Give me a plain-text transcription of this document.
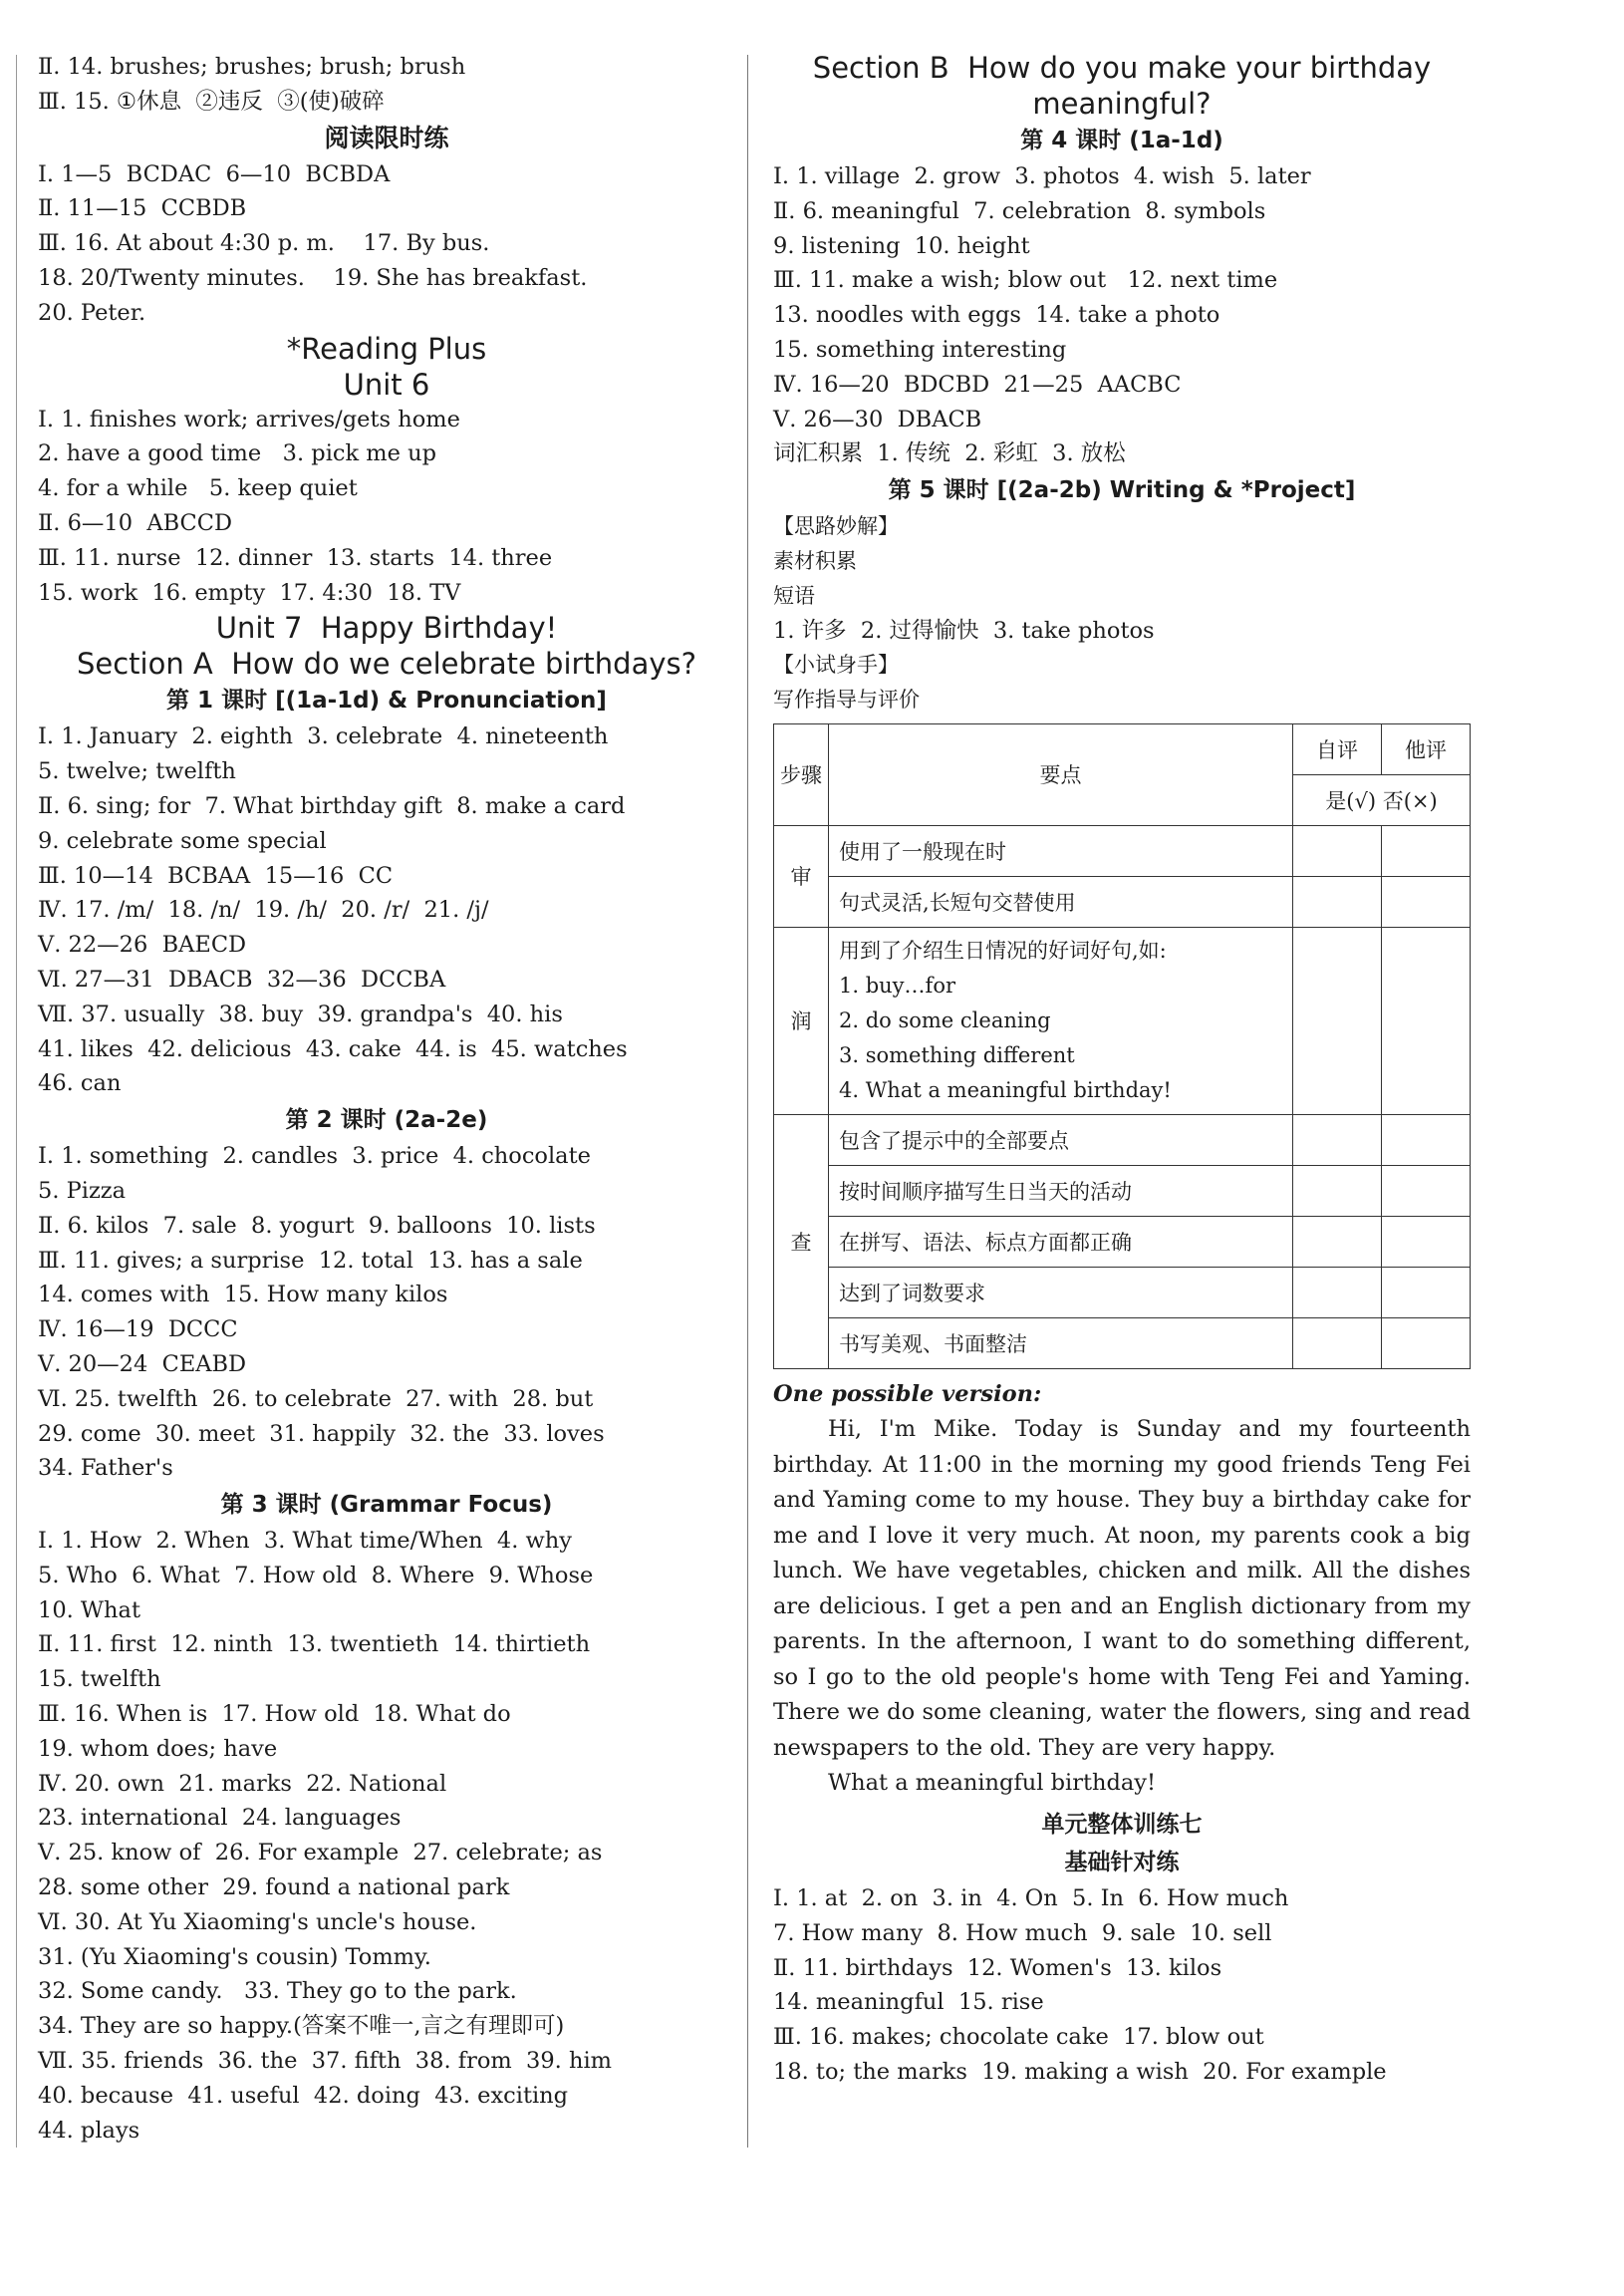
Ⅱ. 14. brushes; brushes; brush; brush
Ⅲ. 15. ①休息  ②违反  ③(使)破碎
阅读限时练
Ⅰ. 1—5  BCDAC  6—10  BCBDA
Ⅱ. 11—15  CCBDB
Ⅲ. 16. At about 4:30 p. m.    17. By bus.
18. 20/Twenty minutes.    19. She has breakfast.
20. Peter.
*Reading Plus
Unit 6
Ⅰ. 1. finishes work; arrives/gets home
2. have a good time   3. pick me up
4. for a while   5. keep quiet
Ⅱ. 6—10  ABCCD
Ⅲ. 11. nurse  12. dinner  13. starts  14. three
15. work  16. empty  17. 4:30  18. TV
Unit 7  Happy Birthday!
Section A  How do we celebrate birthdays?
第 1 课时 [(1a-1d) & Pronunciation]
Ⅰ. 1. January  2. eighth  3. celebrate  4. nineteenth
5. twelve; twelfth
Ⅱ. 6. sing; for  7. What birthday gift  8. make a card
9. celebrate some special
Ⅲ. 10—14  BCBAA  15—16  CC
Ⅳ. 17. /m/  18. /n/  19. /h/  20. /r/  21. /j/
Ⅴ. 22—26  BAECD
Ⅵ. 27—31  DBACB  32—36  DCCBA
Ⅶ. 37. usually  38. buy  39. grandpa's  40. his
41. likes  42. delicious  43. cake  44. is  45. watches
46. can
第 2 课时 (2a-2e)
Ⅰ. 1. something  2. candles  3. price  4. chocolate
5. Pizza
Ⅱ. 6. kilos  7. sale  8. yogurt  9. balloons  10. lists
Ⅲ. 11. gives; a surprise  12. total  13. has a sale
14. comes with  15. How many kilos
Ⅳ. 16—19  DCCC
Ⅴ. 20—24  CEABD
Ⅵ. 25. twelfth  26. to celebrate  27. with  28. but
29. come  30. meet  31. happily  32. the  33. loves
34. Father's
第 3 课时 (Grammar Focus)
Ⅰ. 1. How  2. When  3. What time/When  4. why
5. Who  6. What  7. How old  8. Where  9. Whose
10. What
Ⅱ. 11. first  12. ninth  13. twentieth  14. thirtieth
15. twelfth
Ⅲ. 16. When is  17. How old  18. What do
19. whom does; have
Ⅳ. 20. own  21. marks  22. National
23. international  24. languages
Ⅴ. 25. know of  26. For example  27. celebrate; as
28. some other  29. found a national park
Ⅵ. 30. At Yu Xiaoming's uncle's house.
31. (Yu Xiaoming's cousin) Tommy.
32. Some candy.   33. They go to the park.
34. They are so happy.(答案不唯一,言之有理即可)
Ⅶ. 35. friends  36. the  37. fifth  38. from  39. him
40. because  41. useful  42. doing  43. exciting
44. plays
Section B  How do you make your birthday
meaningful?
第 4 课时 (1a-1d)
Ⅰ. 1. village  2. grow  3. photos  4. wish  5. later
Ⅱ. 6. meaningful  7. celebration  8. symbols
9. listening  10. height
Ⅲ. 11. make a wish; blow out   12. next time
13. noodles with eggs  14. take a photo
15. something interesting
Ⅳ. 16—20  BDCBD  21—25  AACBC
Ⅴ. 26—30  DBACB
词汇积累  1. 传统  2. 彩虹  3. 放松
第 5 课时 [(2a-2b) Writing & *Project]
【思路妙解】
素材积累
短语
1. 许多  2. 过得愉快  3. take photos
【小试身手】
写作指导与评价
步骤	要点	自评	他评
		是(√) 否(×)	
审	使用了一般现在时		
	句式灵活,长短句交替使用		
润	用到了介绍生日情况的好词好句,如:
1. buy…for
2. do some cleaning
3. something different
4. What a meaningful birthday!		
查	包含了提示中的全部要点		
	按时间顺序描写生日当天的活动		
	在拼写、语法、标点方面都正确		
	达到了词数要求		
	书写美观、书面整洁		

One possible version:

Hi, I'm Mike. Today is Sunday and my fourteenth birthday. At 11:00 in the morning my good friends Teng Fei and Yaming come to my house. They buy a birthday cake for me and I love it very much. At noon, my parents cook a big lunch. We have vegetables, chicken and milk. All the dishes are delicious. I get a pen and an English dictionary from my parents. In the afternoon, I want to do something different, so I go to the old people's home with Teng Fei and Yaming. There we do some cleaning, water the flowers, sing and read newspapers to the old. They are very happy.

What a meaningful birthday!

单元整体训练七
基础针对练
Ⅰ. 1. at  2. on  3. in  4. On  5. In  6. How much
7. How many  8. How much  9. sale  10. sell
Ⅱ. 11. birthdays  12. Women's  13. kilos
14. meaningful  15. rise
Ⅲ. 16. makes; chocolate cake  17. blow out
18. to; the marks  19. making a wish  20. For example
